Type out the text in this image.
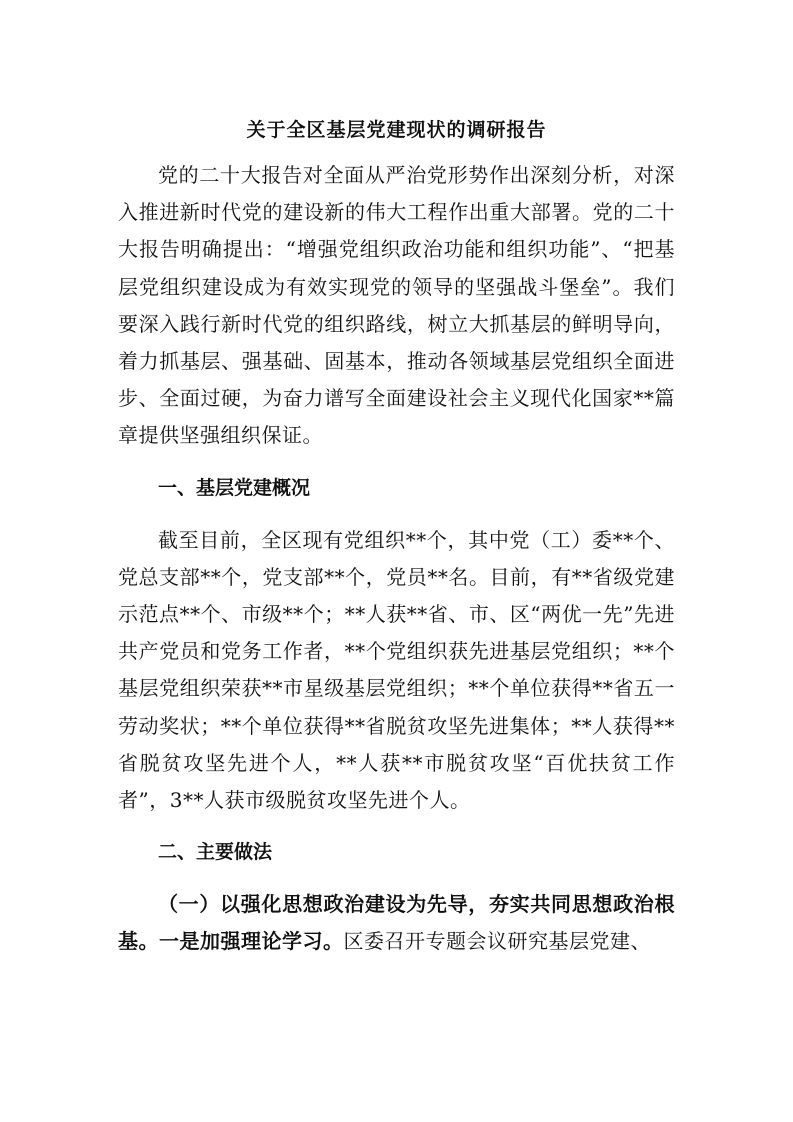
关于全区基层党建现状的调研报告

党的二十大报告对全面从严治党形势作出深刻分析，对深入推进新时代党的建设新的伟大工程作出重大部署。党的二十大报告明确提出：“增强党组织政治功能和组织功能”、“把基层党组织建设成为有效实现党的领导的坚强战斗堡垒”。我们要深入践行新时代党的组织路线，树立大抓基层的鲜明导向，着力抓基层、强基础、固基本，推动各领域基层党组织全面进步、全面过硬，为奋力谱写全面建设社会主义现代化国家**篇章提供坚强组织保证。

一、基层党建概况

截至目前，全区现有党组织**个，其中党（工）委**个、党总支部**个，党支部**个，党员**名。目前，有**省级党建示范点**个、市级**个；**人获**省、市、区“两优一先”先进共产党员和党务工作者，**个党组织获先进基层党组织；**个基层党组织荣获**市星级基层党组织；**个单位获得**省五一劳动奖状；**个单位获得**省脱贫攻坚先进集体；**人获得**省脱贫攻坚先进个人，**人获**市脱贫攻坚“百优扶贫工作者”，3**人获市级脱贫攻坚先进个人。

二、主要做法

（一）以强化思想政治建设为先导，夯实共同思想政治根基。一是加强理论学习。区委召开专题会议研究基层党建、
